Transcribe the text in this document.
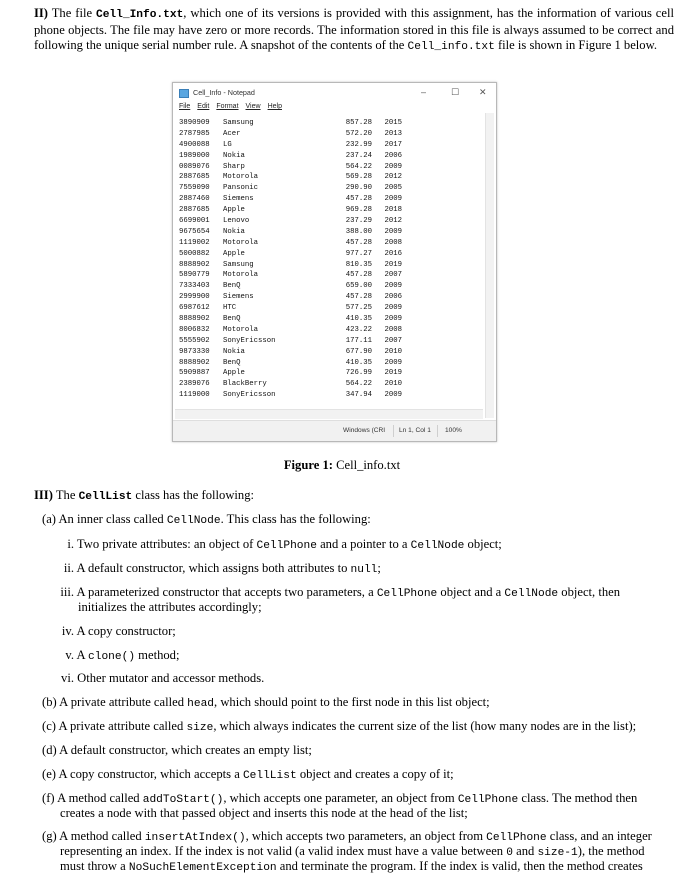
II) The file Cell_Info.txt, which one of its versions is provided with this assignment, has the information of various cell phone objects. The file may have zero or more records. The information stored in this file is always assumed to be correct and following the unique serial number rule. A snapshot of the contents of the Cell_info.txt file is shown in Figure 1 below.
Cell_Info - Notepad	–	☐ ✕
File Edit Format View Help
3890909	Samsung	857.28	2015
2787985	Acer	572.20	2013
4900088	LG	232.99	2017
1989000	Nokia	237.24	2006
0089076	Sharp	564.22	2009
2887685	Motorola	569.28	2012
7559090	Pansonic	290.90	2005
2887460	Siemens	457.28	2009
2887685	Apple	969.28	2018
6699001	Lenovo	237.29	2012
9675654	Nokia	388.00	2009
1119002	Motorola	457.28	2008
5000882	Apple	977.27	2016
8888902	Samsung	810.35	2019
5890779	Motorola	457.28	2007
7333403	BenQ	659.00	2009
2999900	Siemens	457.28	2006
6987612	HTC	577.25	2009
8888902	BenQ	410.35	2009
8006832	Motorola	423.22	2008
5555902	SonyEricsson	177.11	2007
9873330	Nokia	677.90	2010
8888902	BenQ	410.35	2009
5909887	Apple	726.99	2019
2389076	BlackBerry	564.22	2010
1119000	SonyEricsson	347.94	2009
Windows (CRI Ln 1, Col 1 100%
Figure 1: Cell_info.txt
III) The CellList class has the following:
(a) An inner class called CellNode. This class has the following:
i. Two private attributes: an object of CellPhone and a pointer to a CellNode object;
ii. A default constructor, which assigns both attributes to null;
iii. A parameterized constructor that accepts two parameters, a CellPhone object and a CellNode object, then
initializes the attributes accordingly;
iv. A copy constructor;
v. A clone() method;
vi. Other mutator and accessor methods.
(b) A private attribute called head, which should point to the first node in this list object;
(c) A private attribute called size, which always indicates the current size of the list (how many nodes are in the list);
(d) A default constructor, which creates an empty list;
(e) A copy constructor, which accepts a CellList object and creates a copy of it;
(f) A method called addToStart(), which accepts one parameter, an object from CellPhone class. The method then
creates a node with that passed object and inserts this node at the head of the list;
(g) A method called insertAtIndex(), which accepts two parameters, an object from CellPhone class, and an integer
representing an index. If the index is not valid (a valid index must have a value between 0 and size-1), the method
must throw a NoSuchElementException and terminate the program. If the index is valid, then the method creates
